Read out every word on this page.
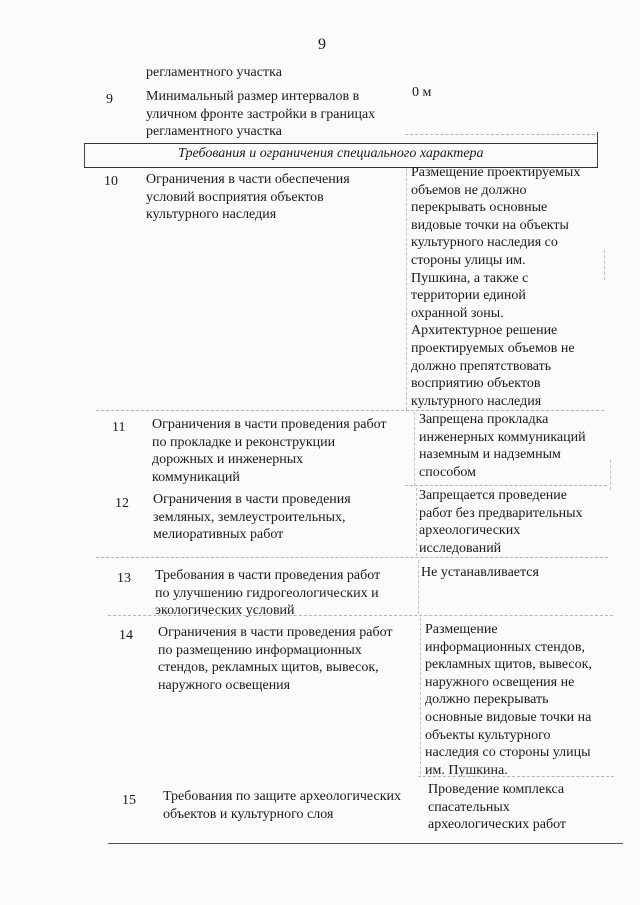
9
регламентного участка
9 Минимальный размер интервалов в
уличном фронте застройки в границах
регламентного участка
0 м
Требования и ограничения специального характера
10 Ограничения в части обеспечения
условий восприятия объектов
культурного наследия
Размещение проектируемых
объемов не должно
перекрывать основные
видовые точки на объекты
культурного наследия со
стороны улицы им.
Пушкина, а также с
территории единой
охранной зоны.
Архитектурное решение
проектируемых объемов не
должно препятствовать
восприятию объектов
культурного наследия
11 Ограничения в части проведения работ
по прокладке и реконструкции
дорожных и инженерных
коммуникаций
Запрещена прокладка
инженерных коммуникаций
наземным и надземным
способом
12 Ограничения в части проведения
земляных, землеустроительных,
мелиоративных работ
Запрещается проведение
работ без предварительных
археологических
исследований
13 Требования в части проведения работ
по улучшению гидрогеологических и
экологических условий
Не устанавливается
14 Ограничения в части проведения работ
по размещению информационных
стендов, рекламных щитов, вывесок,
наружного освещения
Размещение
информационных стендов,
рекламных щитов, вывесок,
наружного освещения не
должно перекрывать
основные видовые точки на
объекты культурного
наследия со стороны улицы
им. Пушкина.
15 Требования по защите археологических
объектов и культурного слоя
Проведение комплекса
спасательных
археологических работ
